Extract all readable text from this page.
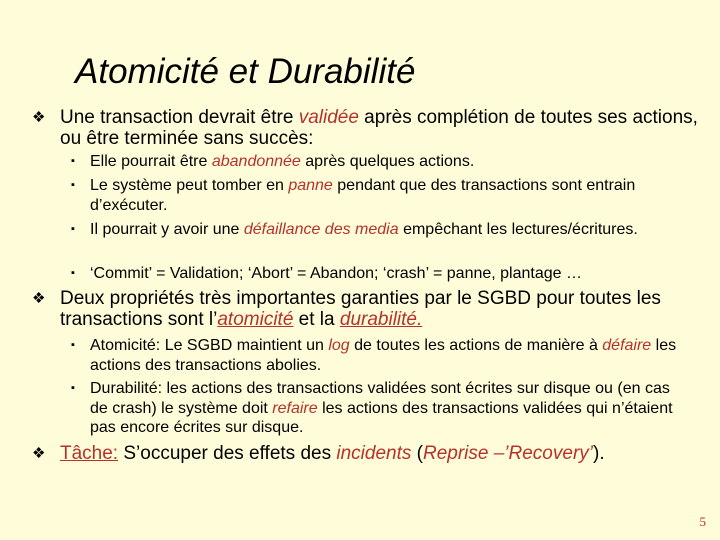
Atomicité et Durabilité
❖ Une transaction devrait être validée après complétion de toutes ses actions, ou être terminée sans succès:
▪ Elle pourrait être abandonnée après quelques actions.
▪ Le système peut tomber en panne pendant que des transactions sont entrain d’exécuter.
▪ Il pourrait y avoir une défaillance des media empêchant les lectures/écritures.
▪ ‘Commit’ = Validation; ‘Abort’ = Abandon; ‘crash’ = panne, plantage …
❖ Deux propriétés très importantes garanties par le SGBD pour toutes les transactions sont l’atomicité et la durabilité.
▪ Atomicité: Le SGBD maintient un log de toutes les actions de manière à défaire les actions des transactions abolies.
▪ Durabilité: les actions des transactions validées sont écrites sur disque ou (en cas de crash) le système doit refaire les actions des transactions validées qui n’étaient pas encore écrites sur disque.
❖ Tâche: S’occuper des effets des incidents (Reprise –’Recovery’).
5
